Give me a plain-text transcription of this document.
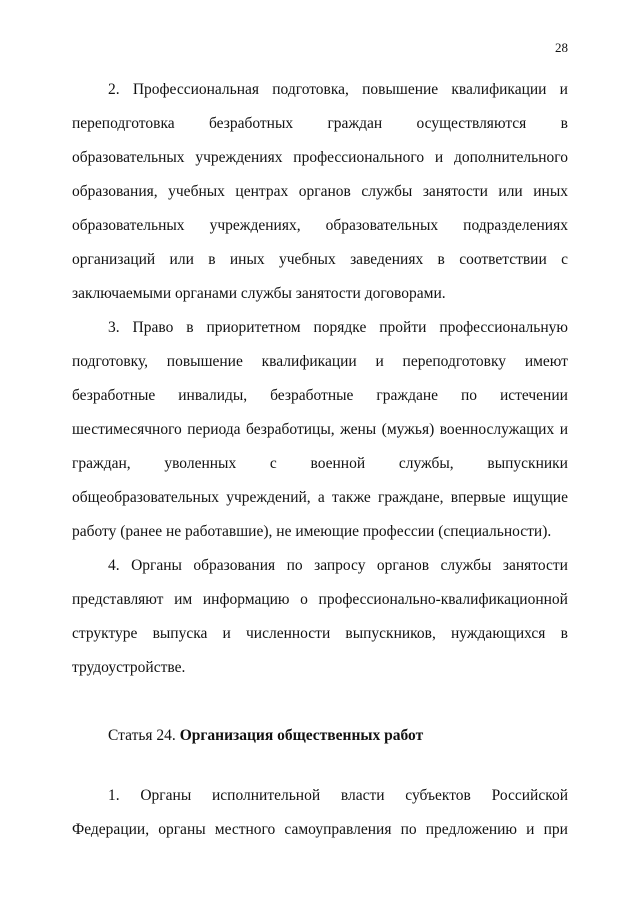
28
2. Профессиональная подготовка, повышение квалификации и
переподготовка безработных граждан осуществляются в
образовательных учреждениях профессионального и дополнительного
образования, учебных центрах органов службы занятости или иных
образовательных учреждениях, образовательных подразделениях
организаций или в иных учебных заведениях в соответствии с
заключаемыми органами службы занятости договорами.
3. Право в приоритетном порядке пройти профессиональную
подготовку, повышение квалификации и переподготовку имеют
безработные инвалиды, безработные граждане по истечении
шестимесячного периода безработицы, жены (мужья) военнослужащих и
граждан, уволенных с военной службы, выпускники
общеобразовательных учреждений, а также граждане, впервые ищущие
работу (ранее не работавшие), не имеющие профессии (специальности).
4. Органы образования по запросу органов службы занятости
представляют им информацию о профессионально-квалификационной
структуре выпуска и численности выпускников, нуждающихся в
трудоустройстве.
Статья 24. Организация общественных работ
1. Органы исполнительной власти субъектов Российской
Федерации, органы местного самоуправления по предложению и при
